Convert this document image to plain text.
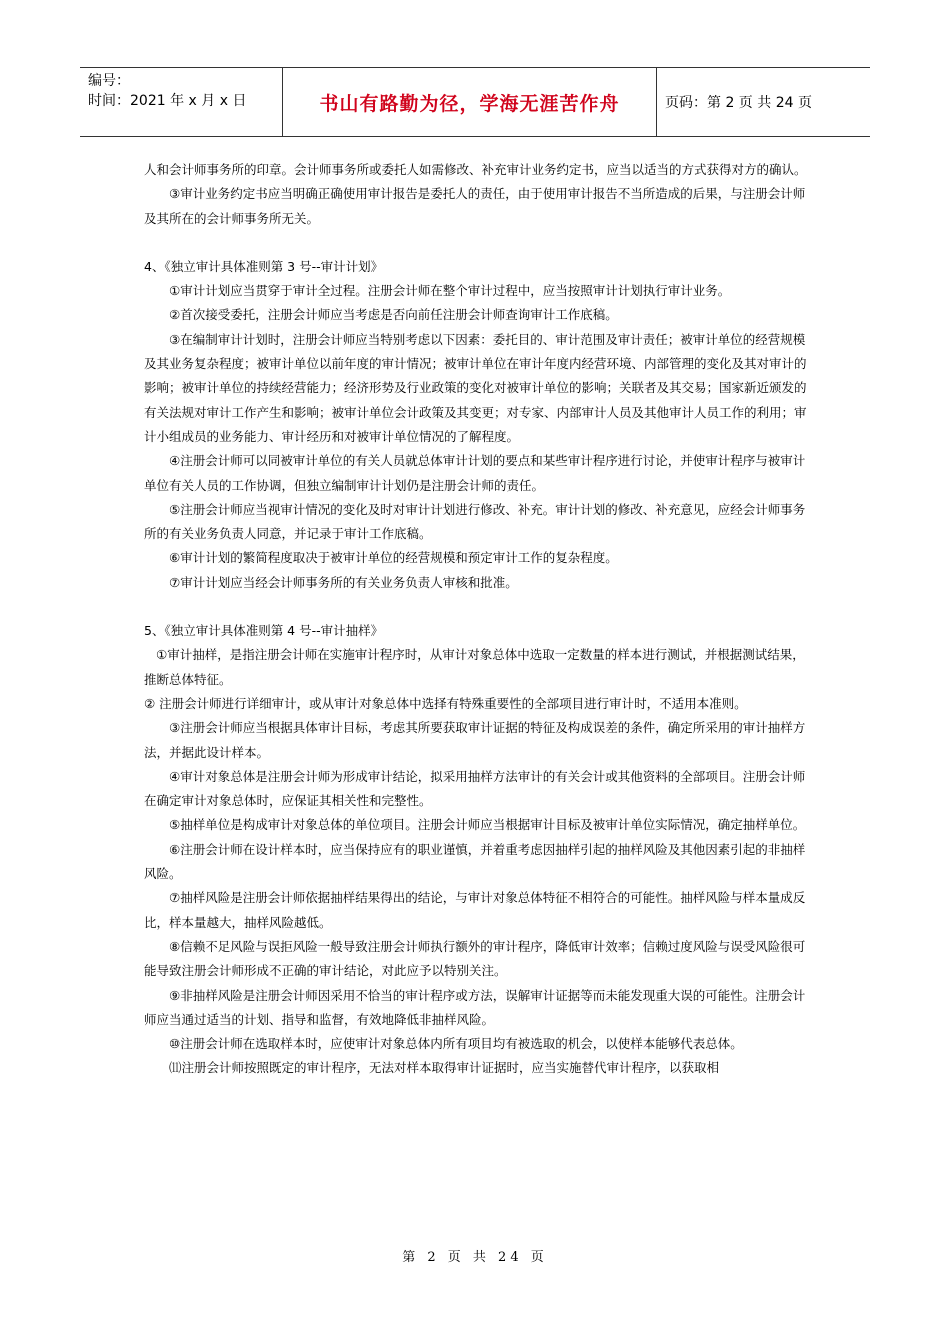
编号：
时间：2021 年 x 月 x 日	书山有路勤为径，学海无涯苦作舟	页码：第 2 页 共 24 页

人和会计师事务所的印章。会计师事务所或委托人如需修改、补充审计业务约定书，应当以适当的方式获得对方的确认。

③审计业务约定书应当明确正确使用审计报告是委托人的责任，由于使用审计报告不当所造成的后果，与注册会计师及其所在的会计师事务所无关。

4、《独立审计具体准则第 3 号--审计计划》

①审计计划应当贯穿于审计全过程。注册会计师在整个审计过程中，应当按照审计计划执行审计业务。

②首次接受委托，注册会计师应当考虑是否向前任注册会计师查询审计工作底稿。

③在编制审计计划时，注册会计师应当特别考虑以下因素：委托目的、审计范围及审计责任；被审计单位的经营规模及其业务复杂程度；被审计单位以前年度的审计情况；被审计单位在审计年度内经营环境、内部管理的变化及其对审计的影响；被审计单位的持续经营能力；经济形势及行业政策的变化对被审计单位的影响；关联者及其交易；国家新近颁发的有关法规对审计工作产生和影响；被审计单位会计政策及其变更；对专家、内部审计人员及其他审计人员工作的利用；审计小组成员的业务能力、审计经历和对被审计单位情况的了解程度。

④注册会计师可以同被审计单位的有关人员就总体审计计划的要点和某些审计程序进行讨论，并使审计程序与被审计单位有关人员的工作协调，但独立编制审计计划仍是注册会计师的责任。

⑤注册会计师应当视审计情况的变化及时对审计计划进行修改、补充。审计计划的修改、补充意见，应经会计师事务所的有关业务负责人同意，并记录于审计工作底稿。

⑥审计计划的繁简程度取决于被审计单位的经营规模和预定审计工作的复杂程度。

⑦审计计划应当经会计师事务所的有关业务负责人审核和批准。

5、《独立审计具体准则第 4 号--审计抽样》

①审计抽样，是指注册会计师在实施审计程序时，从审计对象总体中选取一定数量的样本进行测试，并根据测试结果，推断总体特征。

② 注册会计师进行详细审计，或从审计对象总体中选择有特殊重要性的全部项目进行审计时，不适用本准则。

③注册会计师应当根据具体审计目标，考虑其所要获取审计证据的特征及构成误差的条件，确定所采用的审计抽样方法，并据此设计样本。

④审计对象总体是注册会计师为形成审计结论，拟采用抽样方法审计的有关会计或其他资料的全部项目。注册会计师在确定审计对象总体时，应保证其相关性和完整性。

⑤抽样单位是构成审计对象总体的单位项目。注册会计师应当根据审计目标及被审计单位实际情况，确定抽样单位。

⑥注册会计师在设计样本时，应当保持应有的职业谨慎，并着重考虑因抽样引起的抽样风险及其他因素引起的非抽样风险。

⑦抽样风险是注册会计师依据抽样结果得出的结论，与审计对象总体特征不相符合的可能性。抽样风险与样本量成反比，样本量越大，抽样风险越低。

⑧信赖不足风险与误拒风险一般导致注册会计师执行额外的审计程序，降低审计效率；信赖过度风险与误受风险很可能导致注册会计师形成不正确的审计结论，对此应予以特别关注。

⑨非抽样风险是注册会计师因采用不恰当的审计程序或方法，误解审计证据等而未能发现重大误的可能性。注册会计师应当通过适当的计划、指导和监督，有效地降低非抽样风险。

⑩注册会计师在选取样本时，应使审计对象总体内所有项目均有被选取的机会，以使样本能够代表总体。

⑾注册会计师按照既定的审计程序，无法对样本取得审计证据时，应当实施替代审计程序，以获取相

第 2 页 共 24 页
